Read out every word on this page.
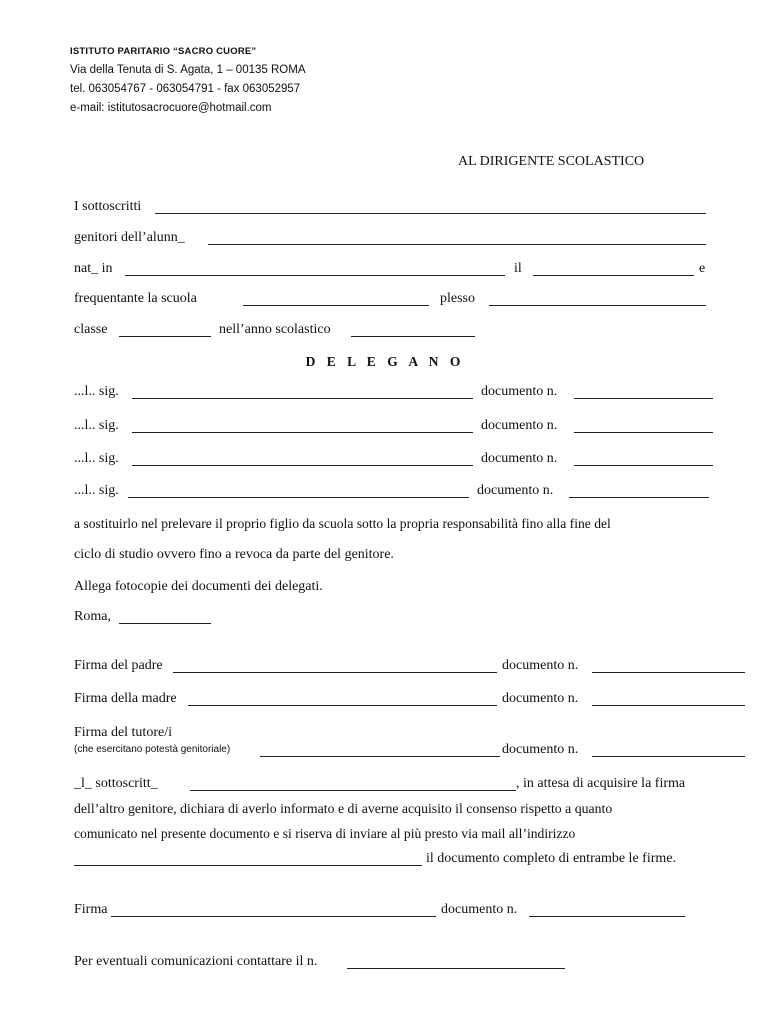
ISTITUTO PARITARIO “SACRO CUORE”
Via della Tenuta di S. Agata, 1 – 00135 ROMA
tel. 063054767 - 063054791 - fax 063052957
e-mail: istitutosacrocuore@hotmail.com
AL DIRIGENTE SCOLASTICO
I sottoscritti
genitori dell’alunn_
nat_ in	il	e
frequentante la scuola	plesso
classe	nell’anno scolastico
D E L E G A N O
...l.. sig.	documento n.
...l.. sig.	documento n.
...l.. sig.	documento n.
...l.. sig.	documento n.
a sostituirlo nel prelevare il proprio figlio da scuola sotto la propria responsabilità fino alla fine del
ciclo di studio ovvero fino a revoca da parte del genitore.
Allega fotocopie dei documenti dei delegati.
Roma,
Firma del padre	documento n.
Firma della madre	documento n.
Firma del tutore/i
(che esercitano potestà genitoriale)	documento n.
_l_ sottoscritt_	, in attesa di acquisire la firma
dell’altro genitore, dichiara di averlo informato e di averne acquisito il consenso rispetto a quanto
comunicato nel presente documento e si riserva di inviare al più presto via mail all’indirizzo
il documento completo di entrambe le firme.
Firma	documento n.
Per eventuali comunicazioni contattare il n.
